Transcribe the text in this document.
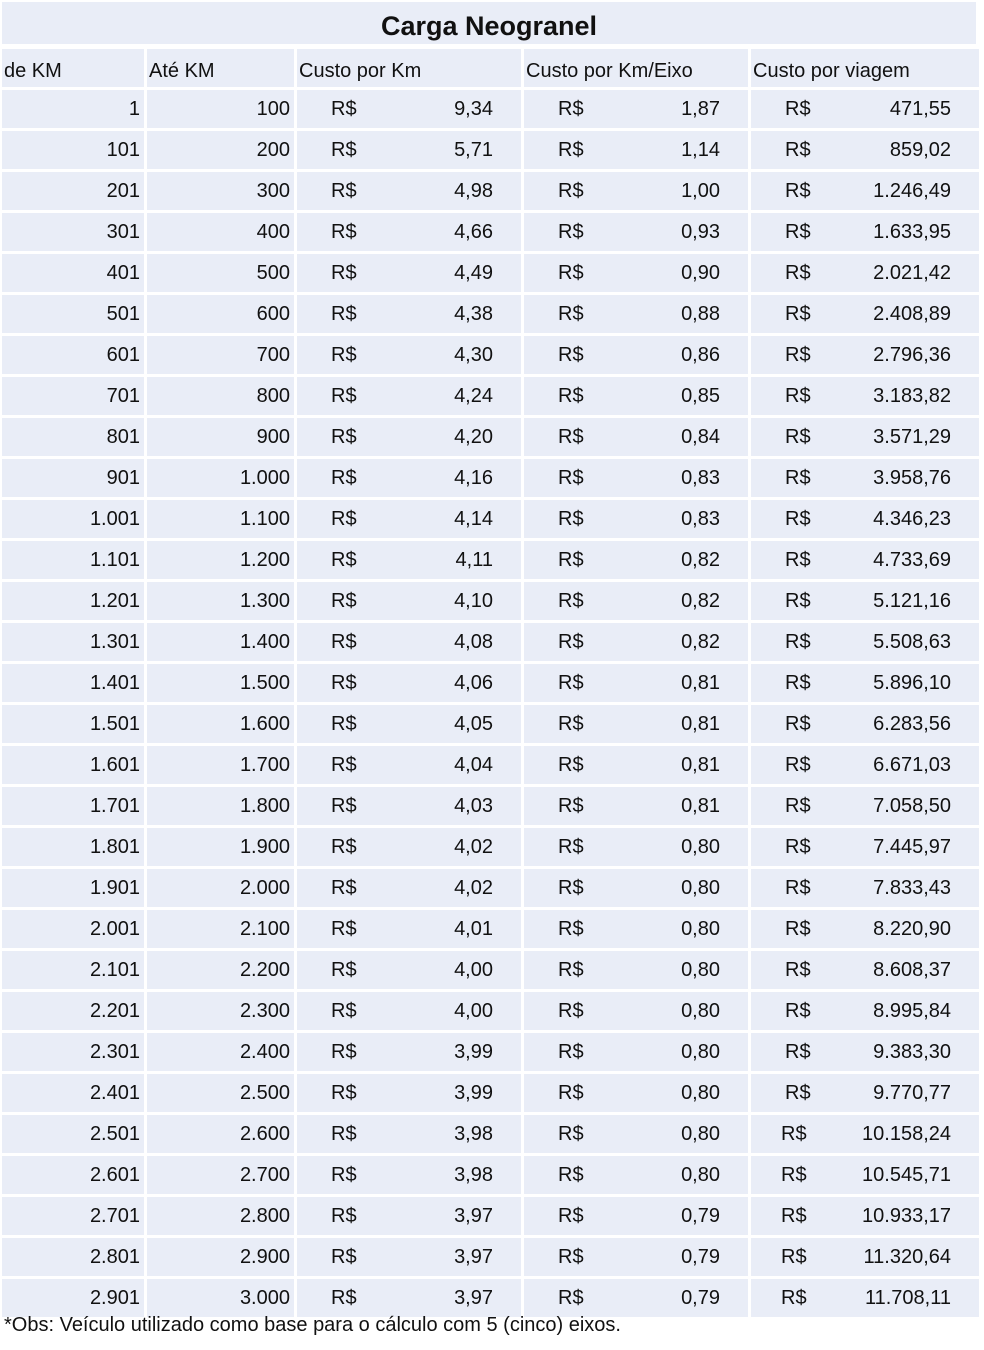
Carga Neogranel
de KM	Até KM	Custo por Km	Custo por Km/Eixo	Custo por viagem
1	100	R$ 9,34	R$ 1,87	R$ 471,55

101	200	R$ 5,71	R$ 1,14	R$ 859,02

201	300	R$ 4,98	R$ 1,00	R$ 1.246,49

301	400	R$ 4,66	R$ 0,93	R$ 1.633,95

401	500	R$ 4,49	R$ 0,90	R$ 2.021,42

501	600	R$ 4,38	R$ 0,88	R$ 2.408,89

601	700	R$ 4,30	R$ 0,86	R$ 2.796,36

701	800	R$ 4,24	R$ 0,85	R$ 3.183,82

801	900	R$ 4,20	R$ 0,84	R$ 3.571,29

901	1.000	R$ 4,16	R$ 0,83	R$ 3.958,76

1.001	1.100	R$ 4,14	R$ 0,83	R$ 4.346,23

1.101	1.200	R$ 4,11	R$ 0,82	R$ 4.733,69

1.201	1.300	R$ 4,10	R$ 0,82	R$ 5.121,16

1.301	1.400	R$ 4,08	R$ 0,82	R$ 5.508,63

1.401	1.500	R$ 4,06	R$ 0,81	R$ 5.896,10

1.501	1.600	R$ 4,05	R$ 0,81	R$ 6.283,56

1.601	1.700	R$ 4,04	R$ 0,81	R$ 6.671,03

1.701	1.800	R$ 4,03	R$ 0,81	R$ 7.058,50

1.801	1.900	R$ 4,02	R$ 0,80	R$ 7.445,97

1.901	2.000	R$ 4,02	R$ 0,80	R$ 7.833,43

2.001	2.100	R$ 4,01	R$ 0,80	R$ 8.220,90

2.101	2.200	R$ 4,00	R$ 0,80	R$ 8.608,37

2.201	2.300	R$ 4,00	R$ 0,80	R$ 8.995,84

2.301	2.400	R$ 3,99	R$ 0,80	R$ 9.383,30

2.401	2.500	R$ 3,99	R$ 0,80	R$ 9.770,77

2.501	2.600	R$ 3,98	R$ 0,80	R$ 10.158,24

2.601	2.700	R$ 3,98	R$ 0,80	R$ 10.545,71

2.701	2.800	R$ 3,97	R$ 0,79	R$ 10.933,17

2.801	2.900	R$ 3,97	R$ 0,79	R$ 11.320,64

2.901	3.000	R$ 3,97	R$ 0,79	R$ 11.708,11
*Obs: Veículo utilizado como base para o cálculo com 5 (cinco) eixos.
